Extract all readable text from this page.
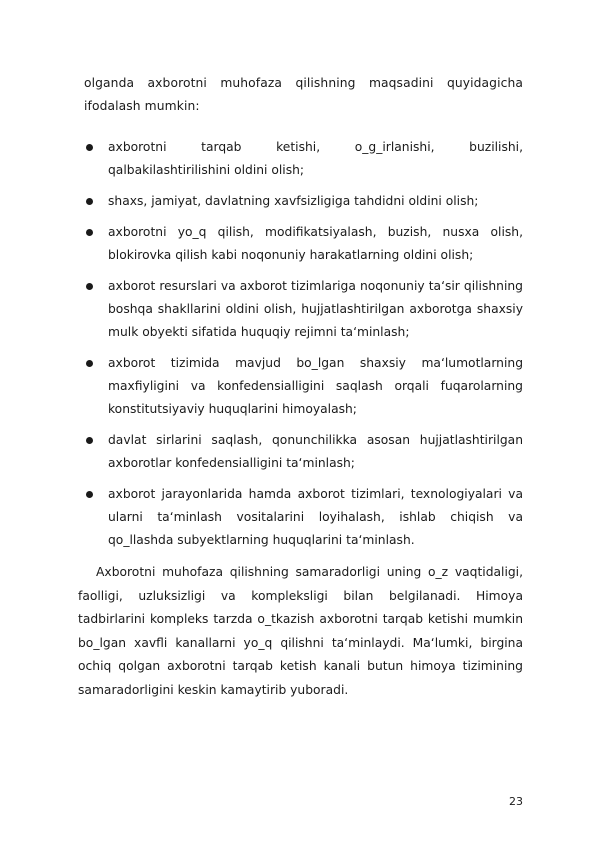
olganda axborotni muhofaza qilishning maqsadini quyidagicha ifodalash mumkin:

axborotni tarqab ketishi, o_g_irlanishi, buzilishi, qalbakilashtirilishini oldini olish;
shaxs, jamiyat, davlatning xavfsizligiga tahdidni oldini olish;
axborotni yo_q qilish, modifikatsiyalash, buzish, nusxa olish, blokirovka qilish kabi noqonuniy harakatlarning oldini olish;
axborot resurslari va axborot tizimlariga noqonuniy ta‘sir qilishning boshqa shakllarini oldini olish, hujjatlashtirilgan axborotga shaxsiy mulk obyekti sifatida huquqiy rejimni ta‘minlash;
axborot tizimida mavjud bo_lgan shaxsiy ma‘lumotlarning maxfiyligini va konfedensialligini saqlash orqali fuqarolarning konstitutsiyaviy huquqlarini himoyalash;
davlat sirlarini saqlash, qonunchilikka asosan hujjatlashtirilgan axborotlar konfedensialligini ta‘minlash;
axborot jarayonlarida hamda axborot tizimlari, texnologiyalari va ularni ta‘minlash vositalarini loyihalash, ishlab chiqish va qo_llashda subyektlarning huquqlarini ta‘minlash.

Axborotni muhofaza qilishning samaradorligi uning o_z vaqtidaligi, faolligi, uzluksizligi va kompleksligi bilan belgilanadi. Himoya tadbirlarini kompleks tarzda o_tkazish axborotni tarqab ketishi mumkin bo_lgan xavfli kanallarni yo_q qilishni ta‘minlaydi. Ma‘lumki, birgina ochiq qolgan axborotni tarqab ketish kanali butun himoya tizimining samaradorligini keskin kamaytirib yuboradi.

23
